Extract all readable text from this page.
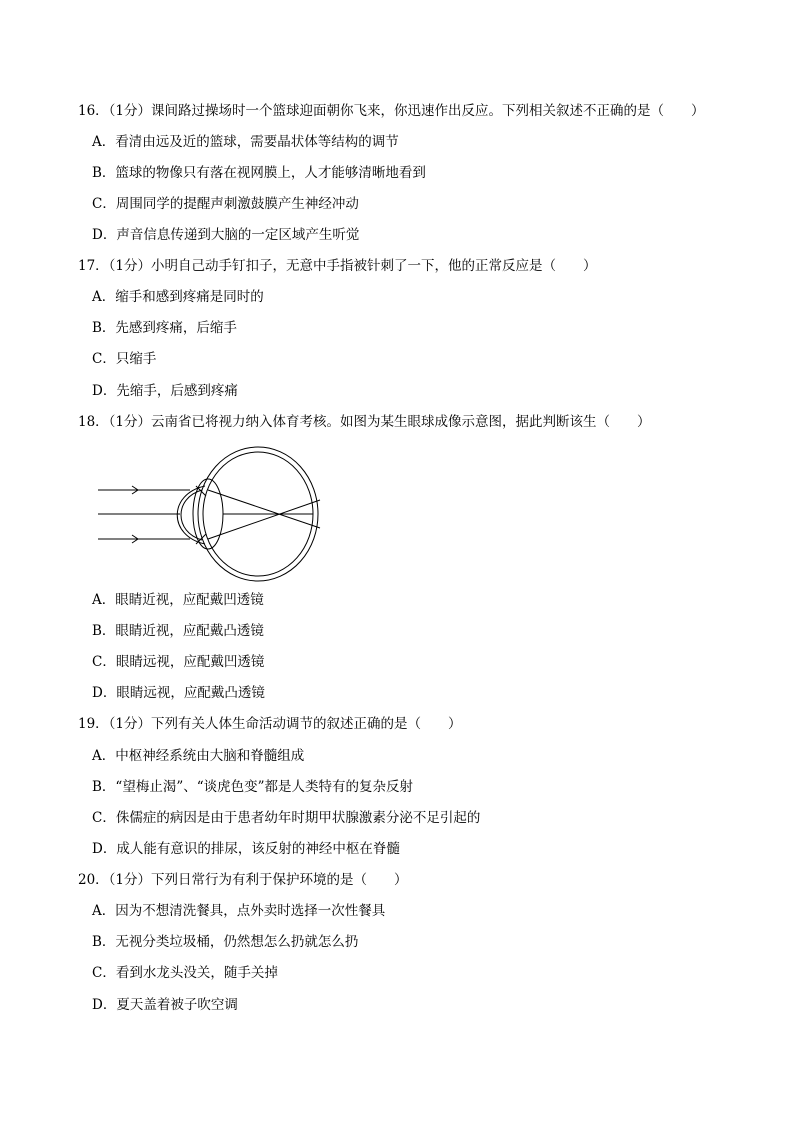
16．（1分）课间路过操场时一个篮球迎面朝你飞来，你迅速作出反应。下列相关叙述不正确的是（　　）
A．看清由远及近的篮球，需要晶状体等结构的调节
B．篮球的物像只有落在视网膜上，人才能够清晰地看到
C．周围同学的提醒声刺激鼓膜产生神经冲动
D．声音信息传递到大脑的一定区域产生听觉
17．（1分）小明自己动手钉扣子，无意中手指被针刺了一下，他的正常反应是（　　）
A．缩手和感到疼痛是同时的
B．先感到疼痛，后缩手
C．只缩手
D．先缩手，后感到疼痛
18．（1分）云南省已将视力纳入体育考核。如图为某生眼球成像示意图，据此判断该生（　　）
A．眼睛近视，应配戴凹透镜
B．眼睛近视，应配戴凸透镜
C．眼睛远视，应配戴凹透镜
D．眼睛远视，应配戴凸透镜
19．（1分）下列有关人体生命活动调节的叙述正确的是（　　）
A．中枢神经系统由大脑和脊髓组成
B．“望梅止渴”、“谈虎色变”都是人类特有的复杂反射
C．侏儒症的病因是由于患者幼年时期甲状腺激素分泌不足引起的
D．成人能有意识的排尿，该反射的神经中枢在脊髓
20．（1分）下列日常行为有利于保护环境的是（　　）
A．因为不想清洗餐具，点外卖时选择一次性餐具
B．无视分类垃圾桶，仍然想怎么扔就怎么扔
C．看到水龙头没关，随手关掉
D．夏天盖着被子吹空调
